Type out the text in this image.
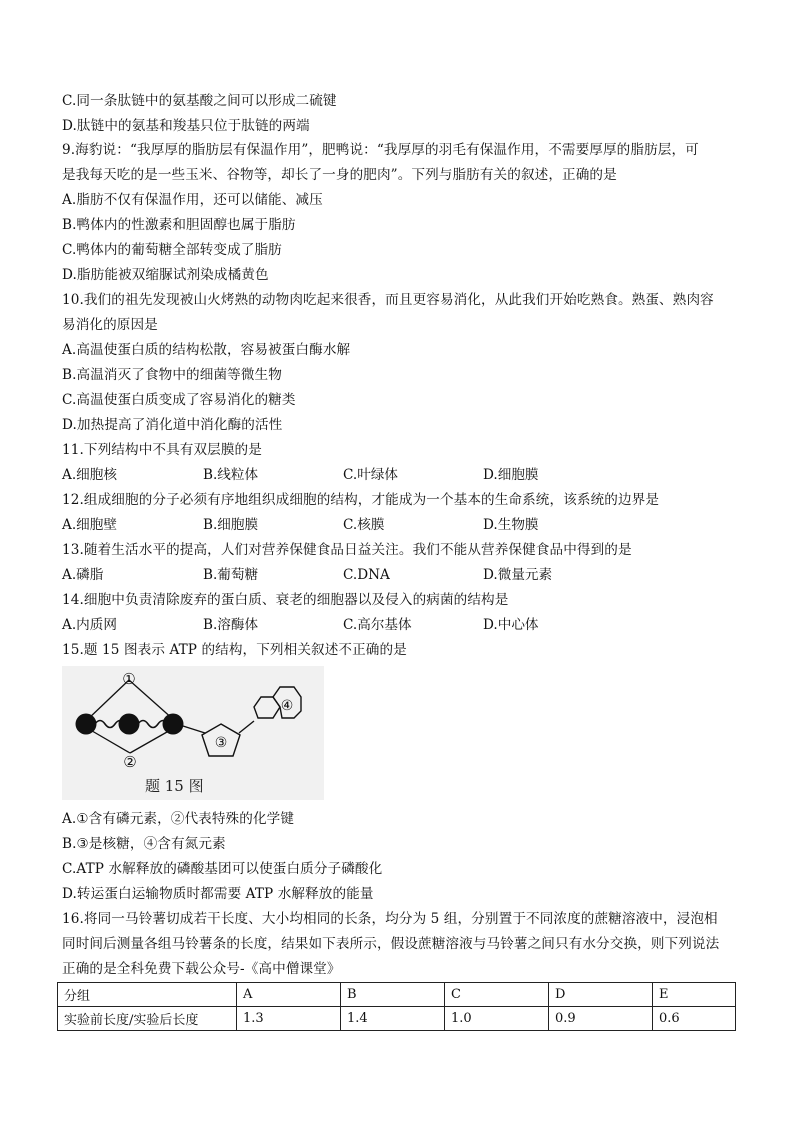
C.同一条肽链中的氨基酸之间可以形成二硫键
D.肽链中的氨基和羧基只位于肽链的两端
9.海豹说：“我厚厚的脂肪层有保温作用”，肥鸭说：“我厚厚的羽毛有保温作用，不需要厚厚的脂肪层，可
是我每天吃的是一些玉米、谷物等，却长了一身的肥肉”。下列与脂肪有关的叙述，正确的是
A.脂肪不仅有保温作用，还可以储能、减压
B.鸭体内的性激素和胆固醇也属于脂肪
C.鸭体内的葡萄糖全部转变成了脂肪
D.脂肪能被双缩脲试剂染成橘黄色
10.我们的祖先发现被山火烤熟的动物肉吃起来很香，而且更容易消化，从此我们开始吃熟食。熟蛋、熟肉容
易消化的原因是
A.高温使蛋白质的结构松散，容易被蛋白酶水解
B.高温消灭了食物中的细菌等微生物
C.高温使蛋白质变成了容易消化的糖类
D.加热提高了消化道中消化酶的活性
11.下列结构中不具有双层膜的是
A.细胞核	B.线粒体	C.叶绿体	D.细胞膜
12.组成细胞的分子必须有序地组织成细胞的结构，才能成为一个基本的生命系统，该系统的边界是
A.细胞壁	B.细胞膜	C.核膜	D.生物膜
13.随着生活水平的提高，人们对营养保健食品日益关注。我们不能从营养保健食品中得到的是
A.磷脂	B.葡萄糖	C.DNA	D.微量元素
14.细胞中负责清除废弃的蛋白质、衰老的细胞器以及侵入的病菌的结构是
A.内质网	B.溶酶体	C.高尔基体	D.中心体
15.题 15 图表示 ATP 的结构，下列相关叙述不正确的是
①
②
③
④
题 15 图
A.①含有磷元素，②代表特殊的化学键
B.③是核糖，④含有氮元素
C.ATP 水解释放的磷酸基团可以使蛋白质分子磷酸化
D.转运蛋白运输物质时都需要 ATP 水解释放的能量
16.将同一马铃薯切成若干长度、大小均相同的长条，均分为 5 组，分别置于不同浓度的蔗糖溶液中，浸泡相
同时间后测量各组马铃薯条的长度，结果如下表所示，假设蔗糖溶液与马铃薯之间只有水分交换，则下列说法
正确的是全科免费下载公众号-《高中僧课堂》
分组	A	B	C	D	E
实验前长度/实验后长度	1.3	1.4	1.0	0.9	0.6
